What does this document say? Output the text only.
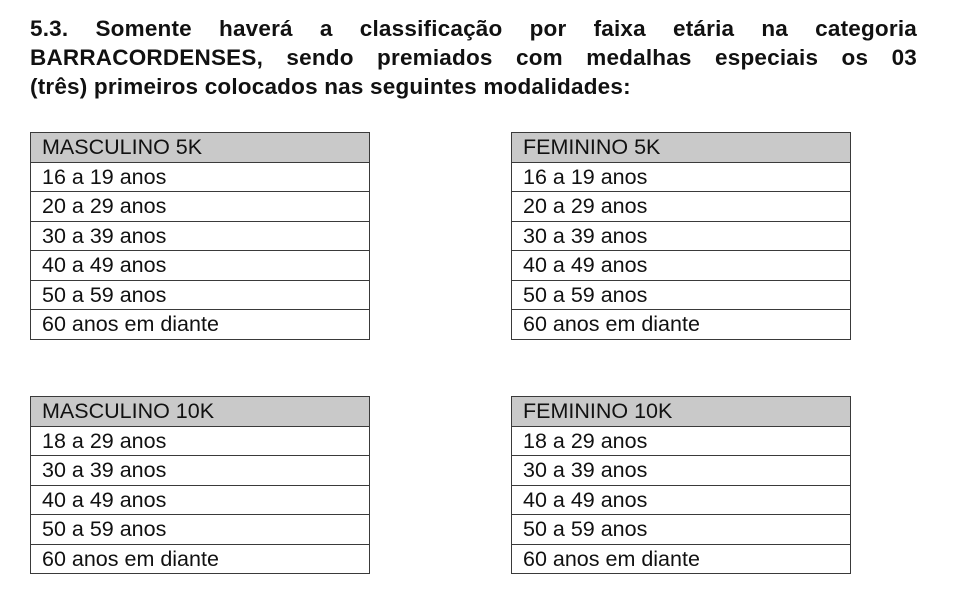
5.3. Somente haverá a classificação por faixa etária na categoria
BARRACORDENSES, sendo premiados com medalhas especiais os 03
(três) primeiros colocados nas seguintes modalidades:
MASCULINO 5K
16 a 19 anos
20 a 29 anos
30 a 39 anos
40 a 49 anos
50 a 59 anos
60 anos em diante
FEMININO 5K
16 a 19 anos
20 a 29 anos
30 a 39 anos
40 a 49 anos
50 a 59 anos
60 anos em diante
MASCULINO 10K
18 a 29 anos
30 a 39 anos
40 a 49 anos
50 a 59 anos
60 anos em diante
FEMININO 10K
18 a 29 anos
30 a 39 anos
40 a 49 anos
50 a 59 anos
60 anos em diante
